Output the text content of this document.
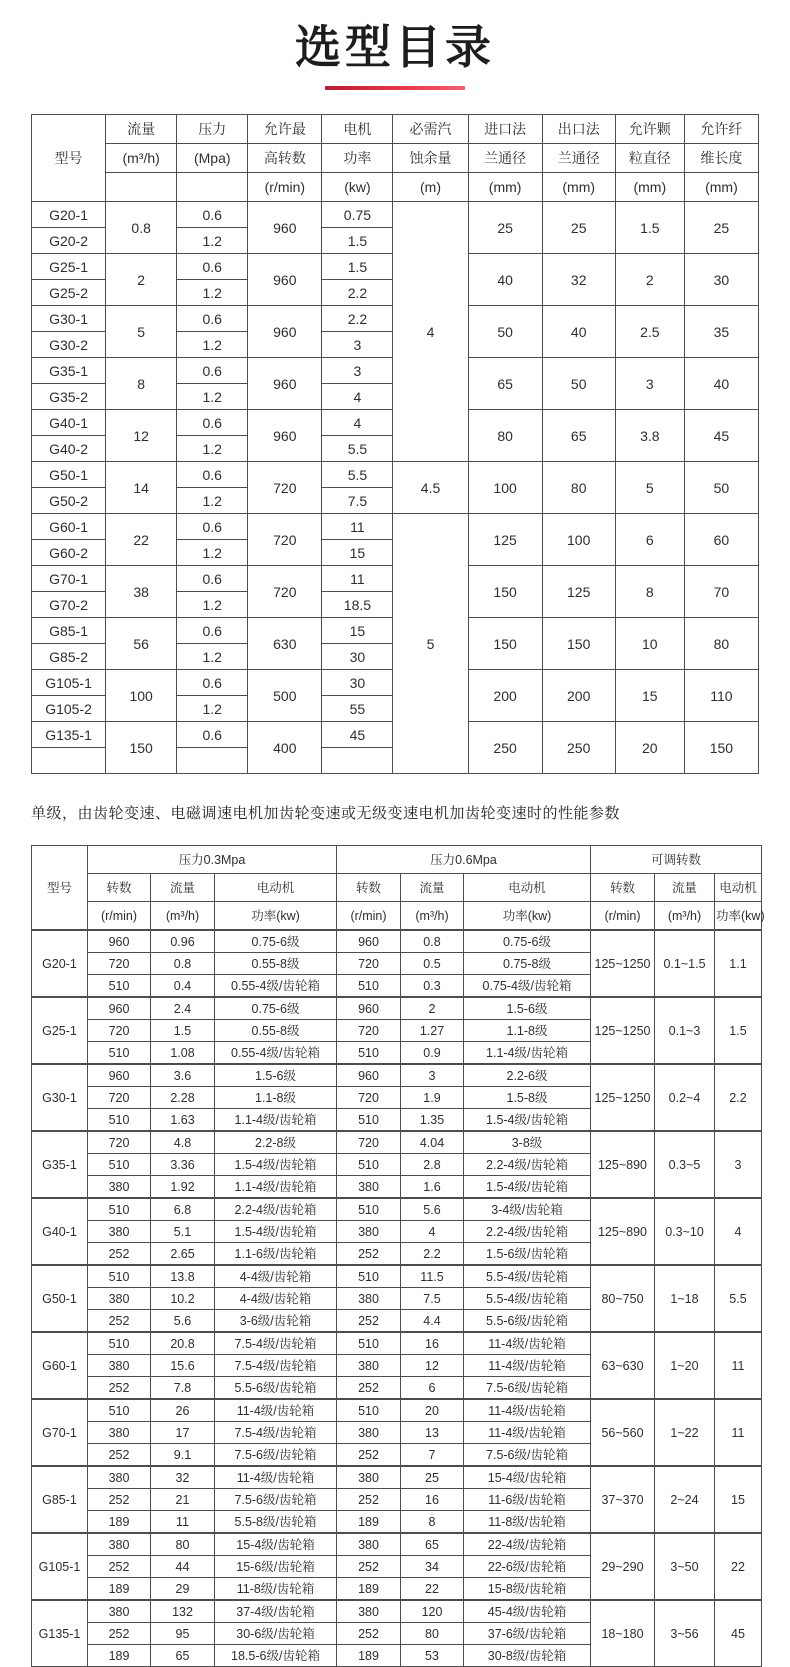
选型目录
型号	流量	压力	允许最	电机	必需汽	进口法	出口法	允许颗	允许纤
	(m³/h)	(Mpa)	高转数	功率	蚀余量	兰通径	兰通径	粒直径	维长度
			(r/min)	(kw)	(m)	(mm)	(mm)	(mm)	(mm)
G20-1	0.8	0.6	960	0.75	4	25	25	1.5	25
G20-2		1.2		1.5					
G25-1	2	0.6	960	1.5		40	32	2	30
G25-2		1.2		2.2					
G30-1	5	0.6	960	2.2		50	40	2.5	35
G30-2		1.2		3					
G35-1	8	0.6	960	3		65	50	3	40
G35-2		1.2		4					
G40-1	12	0.6	960	4		80	65	3.8	45
G40-2		1.2		5.5					
G50-1	14	0.6	720	5.5	4.5	100	80	5	50
G50-2		1.2		7.5					
G60-1	22	0.6	720	11	5	125	100	6	60
G60-2		1.2		15					
G70-1	38	0.6	720	11		150	125	8	70
G70-2		1.2		18.5					
G85-1	56	0.6	630	15		150	150	10	80
G85-2		1.2		30					
G105-1	100	0.6	500	30		200	200	15	110
G105-2		1.2		55					
G135-1	150	0.6	400	45		250	250	20	150

单级，由齿轮变速、电磁调速电机加齿轮变速或无级变速电机加齿轮变速时的性能参数

型号	压力0.3Mpa			压力0.6Mpa			可调转数		
	转数	流量	电动机	转数	流量	电动机	转数	流量	电动机
	(r/min)	(m³/h)	功率(kw)	(r/min)	(m³/h)	功率(kw)	(r/min)	(m³/h)	功率(kw)
G20-1	960	0.96	0.75-6级	960	0.8	0.75-6级	125~1250	0.1~1.5	1.1
	720	0.8	0.55-8级	720	0.5	0.75-8级			
	510	0.4	0.55-4级/齿轮箱	510	0.3	0.75-4级/齿轮箱			
G25-1	960	2.4	0.75-6级	960	2	1.5-6级	125~1250	0.1~3	1.5
	720	1.5	0.55-8级	720	1.27	1.1-8级			
	510	1.08	0.55-4级/齿轮箱	510	0.9	1.1-4级/齿轮箱			
G30-1	960	3.6	1.5-6级	960	3	2.2-6级	125~1250	0.2~4	2.2
	720	2.28	1.1-8级	720	1.9	1.5-8级			
	510	1.63	1.1-4级/齿轮箱	510	1.35	1.5-4级/齿轮箱			
G35-1	720	4.8	2.2-8级	720	4.04	3-8级	125~890	0.3~5	3
	510	3.36	1.5-4级/齿轮箱	510	2.8	2.2-4级/齿轮箱			
	380	1.92	1.1-4级/齿轮箱	380	1.6	1.5-4级/齿轮箱			
G40-1	510	6.8	2.2-4级/齿轮箱	510	5.6	3-4级/齿轮箱	125~890	0.3~10	4
	380	5.1	1.5-4级/齿轮箱	380	4	2.2-4级/齿轮箱			
	252	2.65	1.1-6级/齿轮箱	252	2.2	1.5-6级/齿轮箱			
G50-1	510	13.8	4-4级/齿轮箱	510	11.5	5.5-4级/齿轮箱	80~750	1~18	5.5
	380	10.2	4-4级/齿轮箱	380	7.5	5.5-4级/齿轮箱			
	252	5.6	3-6级/齿轮箱	252	4.4	5.5-6级/齿轮箱			
G60-1	510	20.8	7.5-4级/齿轮箱	510	16	11-4级/齿轮箱	63~630	1~20	11
	380	15.6	7.5-4级/齿轮箱	380	12	11-4级/齿轮箱			
	252	7.8	5.5-6级/齿轮箱	252	6	7.5-6级/齿轮箱			
G70-1	510	26	11-4级/齿轮箱	510	20	11-4级/齿轮箱	56~560	1~22	11
	380	17	7.5-4级/齿轮箱	380	13	11-4级/齿轮箱			
	252	9.1	7.5-6级/齿轮箱	252	7	7.5-6级/齿轮箱			
G85-1	380	32	11-4级/齿轮箱	380	25	15-4级/齿轮箱	37~370	2~24	15
	252	21	7.5-6级/齿轮箱	252	16	11-6级/齿轮箱			
	189	11	5.5-8级/齿轮箱	189	8	11-8级/齿轮箱			
G105-1	380	80	15-4级/齿轮箱	380	65	22-4级/齿轮箱	29~290	3~50	22
	252	44	15-6级/齿轮箱	252	34	22-6级/齿轮箱			
	189	29	11-8级/齿轮箱	189	22	15-8级/齿轮箱			
G135-1	380	132	37-4级/齿轮箱	380	120	45-4级/齿轮箱	18~180	3~56	45
	252	95	30-6级/齿轮箱	252	80	37-6级/齿轮箱			
	189	65	18.5-6级/齿轮箱	189	53	30-8级/齿轮箱			
